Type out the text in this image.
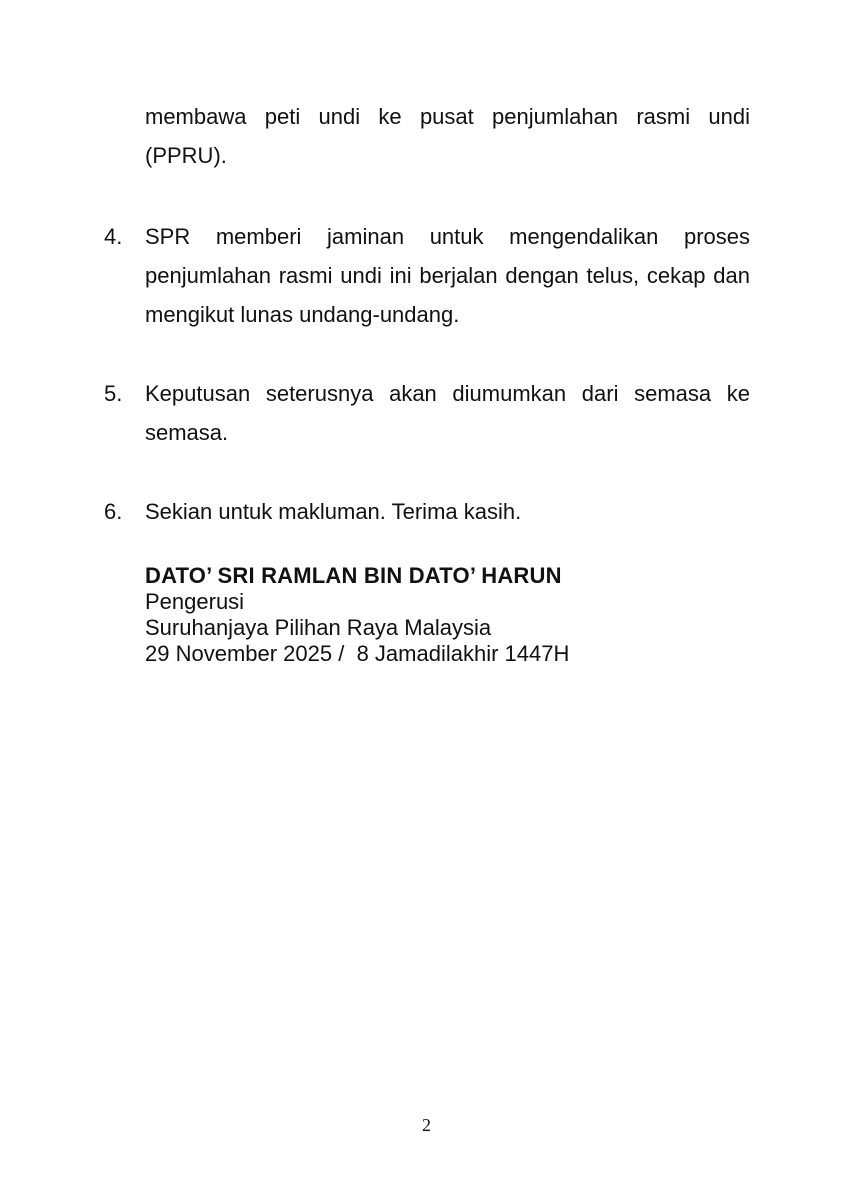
membawa peti undi ke pusat penjumlahan rasmi undi
(PPRU).
4. SPR memberi jaminan untuk mengendalikan proses
penjumlahan rasmi undi ini berjalan dengan telus, cekap dan
mengikut lunas undang-undang.
5. Keputusan seterusnya akan diumumkan dari semasa ke
semasa.
6. Sekian untuk makluman. Terima kasih.
DATO’ SRI RAMLAN BIN DATO’ HARUN
Pengerusi
Suruhanjaya Pilihan Raya Malaysia
29 November 2025 /  8 Jamadilakhir 1447H
2
